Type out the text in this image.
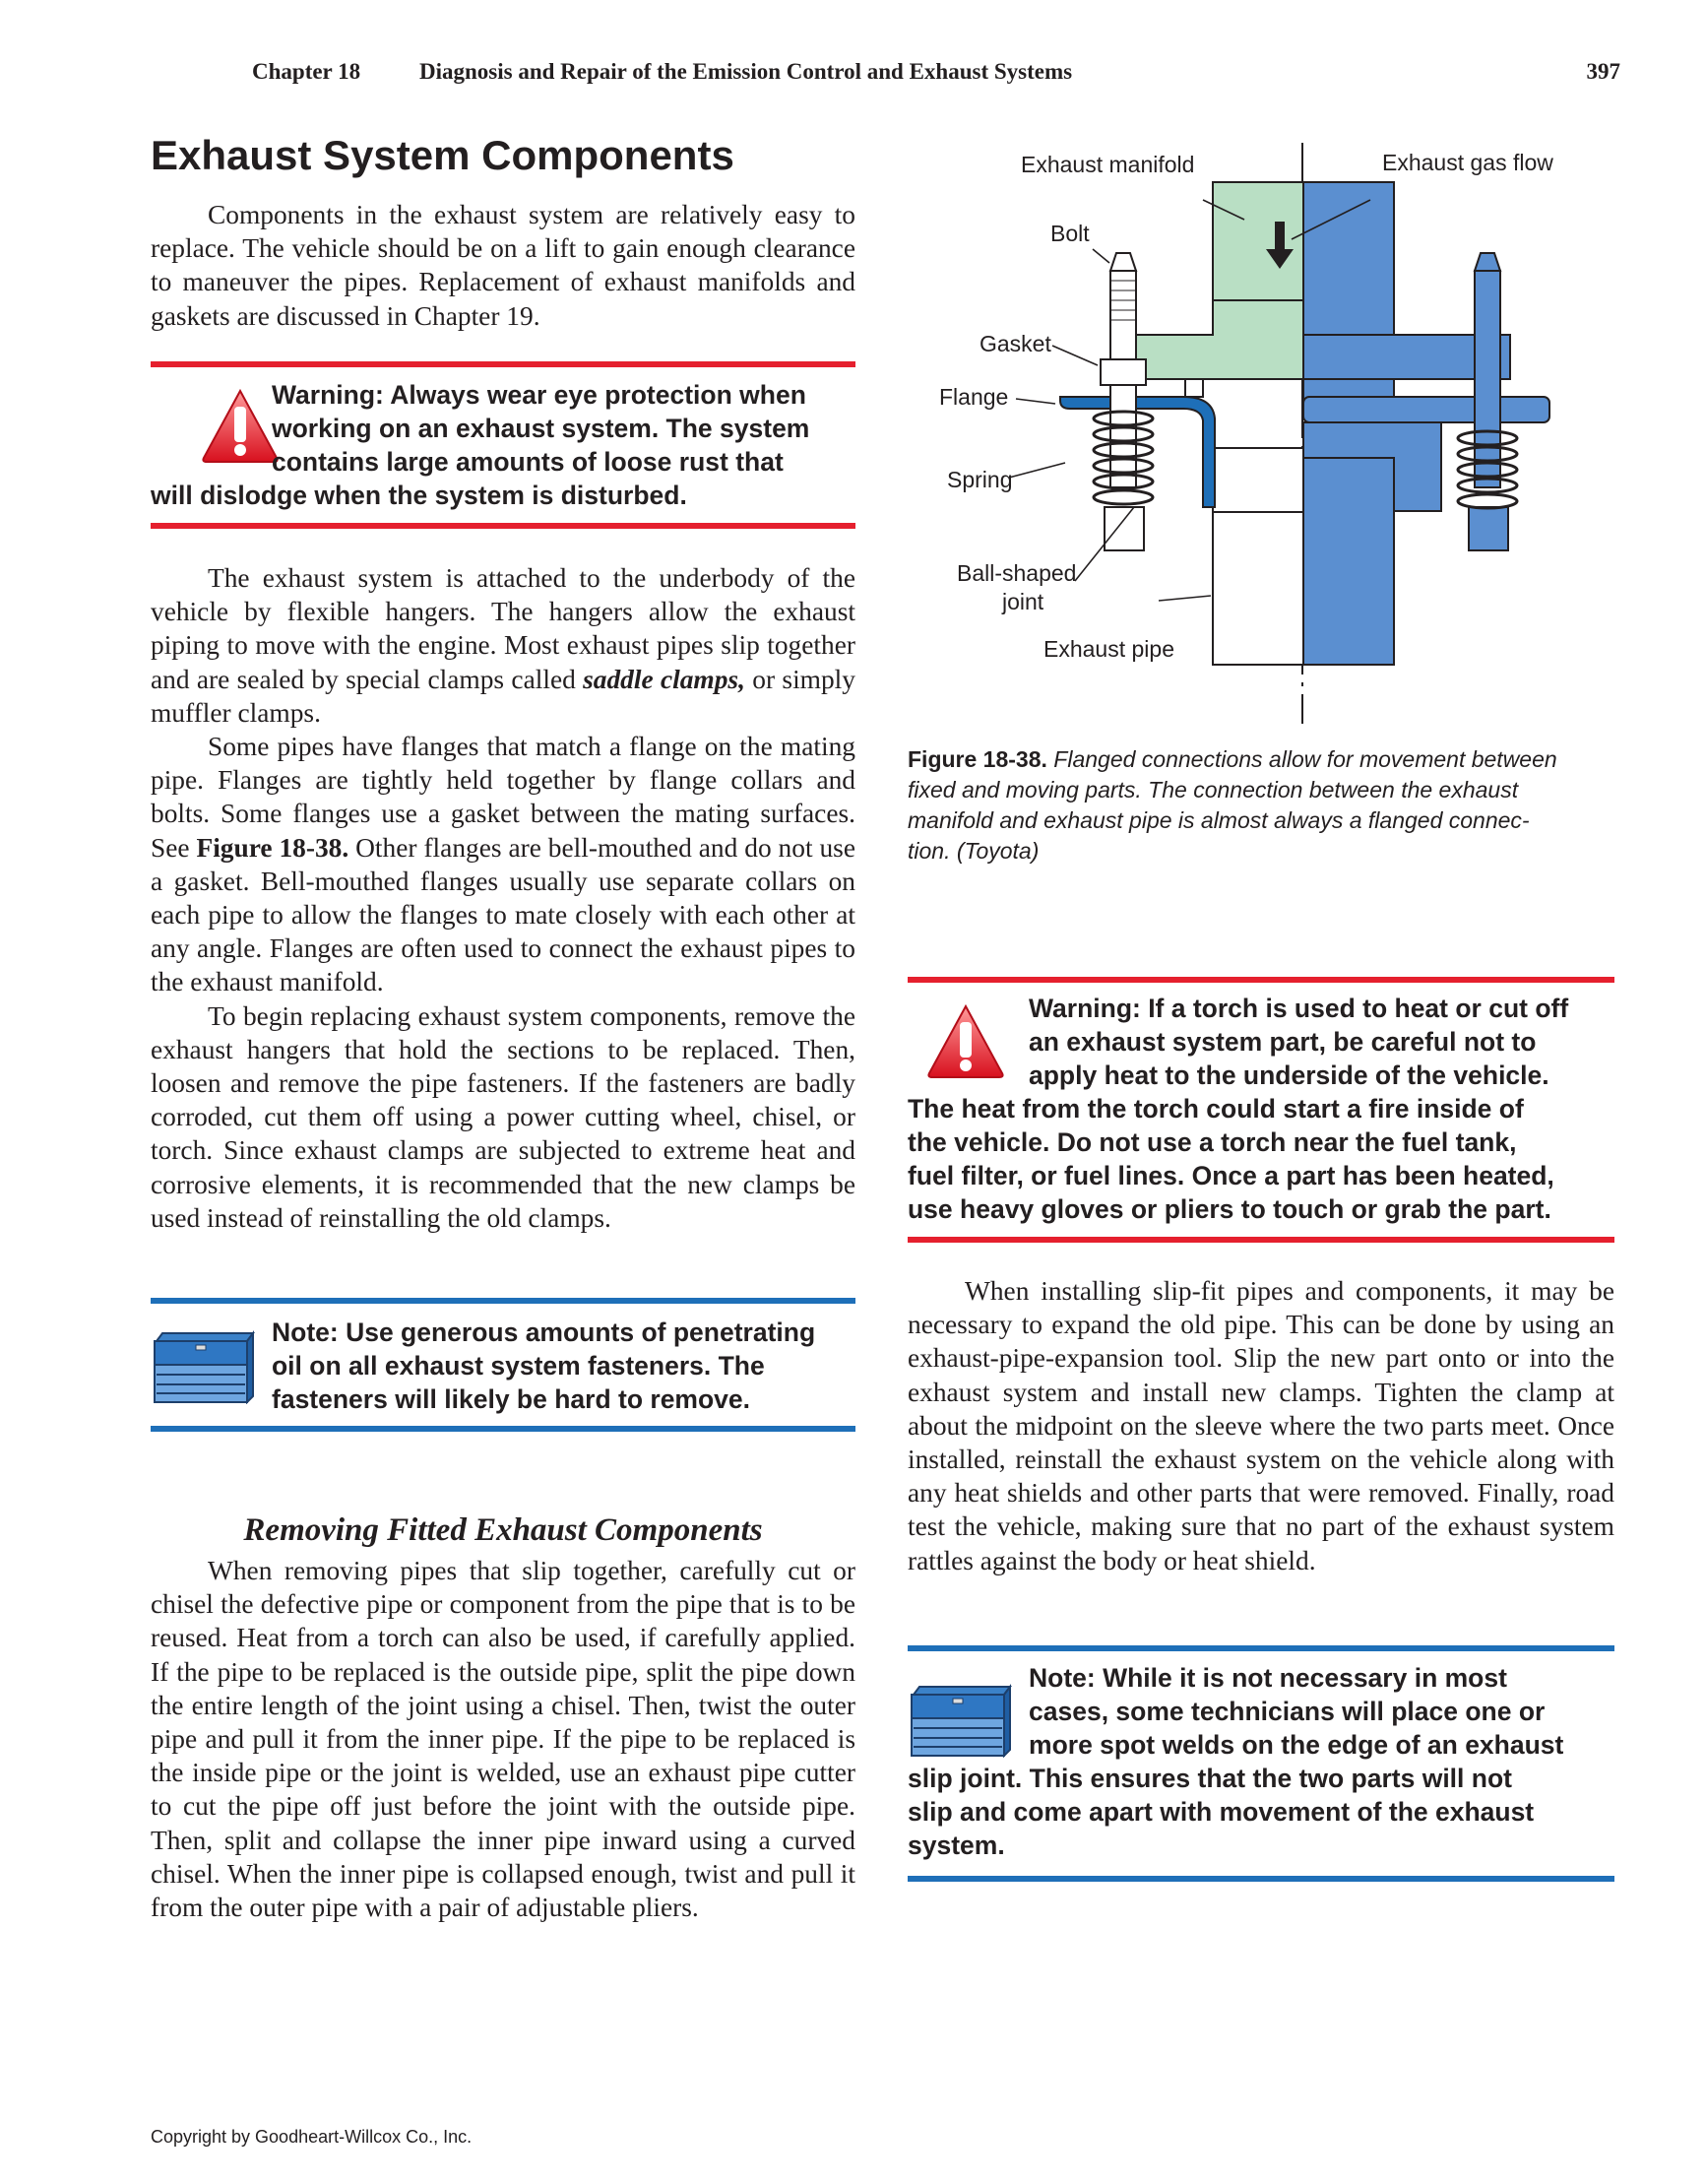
Chapter 18	Diagnosis and Repair of the Emission Control and Exhaust Systems	397
Exhaust System Components

Components in the exhaust system are relatively easy to replace. The vehicle should be on a lift to gain enough clearance to maneuver the pipes. Replacement of exhaust manifolds and gaskets are discussed in Chapter 19.

Warning: Always wear eye protection when
working on an exhaust system. The system
contains large amounts of loose rust that
will dislodge when the system is disturbed.

The exhaust system is attached to the underbody of the vehicle by flexible hangers. The hangers allow the exhaust piping to move with the engine. Most exhaust pipes slip together and are sealed by special clamps called saddle clamps, or simply muffler clamps.

Some pipes have flanges that match a flange on the mating pipe. Flanges are tightly held together by flange collars and bolts. Some flanges use a gasket between the mating surfaces. See Figure 18-38. Other flanges are bell-mouthed and do not use a gasket. Bell-mouthed flanges usually use separate collars on each pipe to allow the flanges to mate closely with each other at any angle. Flanges are often used to connect the exhaust pipes to the exhaust manifold.

To begin replacing exhaust system components, remove the exhaust hangers that hold the sections to be replaced. Then, loosen and remove the pipe fasteners. If the fasteners are badly corroded, cut them off using a power cutting wheel, chisel, or torch. Since exhaust clamps are subjected to extreme heat and corrosive elements, it is recommended that the new clamps be used instead of reinstalling the old clamps.

Note: Use generous amounts of penetrating
oil on all exhaust system fasteners. The
fasteners will likely be hard to remove.
Removing Fitted Exhaust Components

When removing pipes that slip together, carefully cut or chisel the defective pipe or component from the pipe that is to be reused. Heat from a torch can also be used, if carefully applied. If the pipe to be replaced is the outside pipe, split the pipe down the entire length of the joint using a chisel. Then, twist the outer pipe and pull it from the inner pipe. If the pipe to be replaced is the inside pipe or the joint is welded, use an exhaust pipe cutter to cut the pipe off just before the joint with the outside pipe. Then, split and collapse the inner pipe inward using a curved chisel. When the inner pipe is collapsed enough, twist and pull it from the outer pipe with a pair of adjustable pliers.

Exhaust manifold	Exhaust gas flow
Bolt
Gasket
Flange
Spring
Ball-shaped
joint
Exhaust pipe
Figure 18-38. Flanged connections allow for movement between
fixed and moving parts. The connection between the exhaust
manifold and exhaust pipe is almost always a flanged connec-
tion. (Toyota)
Warning: If a torch is used to heat or cut off
an exhaust system part, be careful not to
apply heat to the underside of the vehicle.
The heat from the torch could start a fire inside of
the vehicle. Do not use a torch near the fuel tank,
fuel filter, or fuel lines. Once a part has been heated,
use heavy gloves or pliers to touch or grab the part.

When installing slip-fit pipes and components, it may be necessary to expand the old pipe. This can be done by using an exhaust-pipe-expansion tool. Slip the new part onto or into the exhaust system and install new clamps. Tighten the clamp at about the midpoint on the sleeve where the two parts meet. Once installed, reinstall the exhaust system on the vehicle along with any heat shields and other parts that were removed. Finally, road test the vehicle, making sure that no part of the exhaust system rattles against the body or heat shield.

Note: While it is not necessary in most
cases, some technicians will place one or
more spot welds on the edge of an exhaust
slip joint. This ensures that the two parts will not
slip and come apart with movement of the exhaust
system.
Copyright by Goodheart-Willcox Co., Inc.
